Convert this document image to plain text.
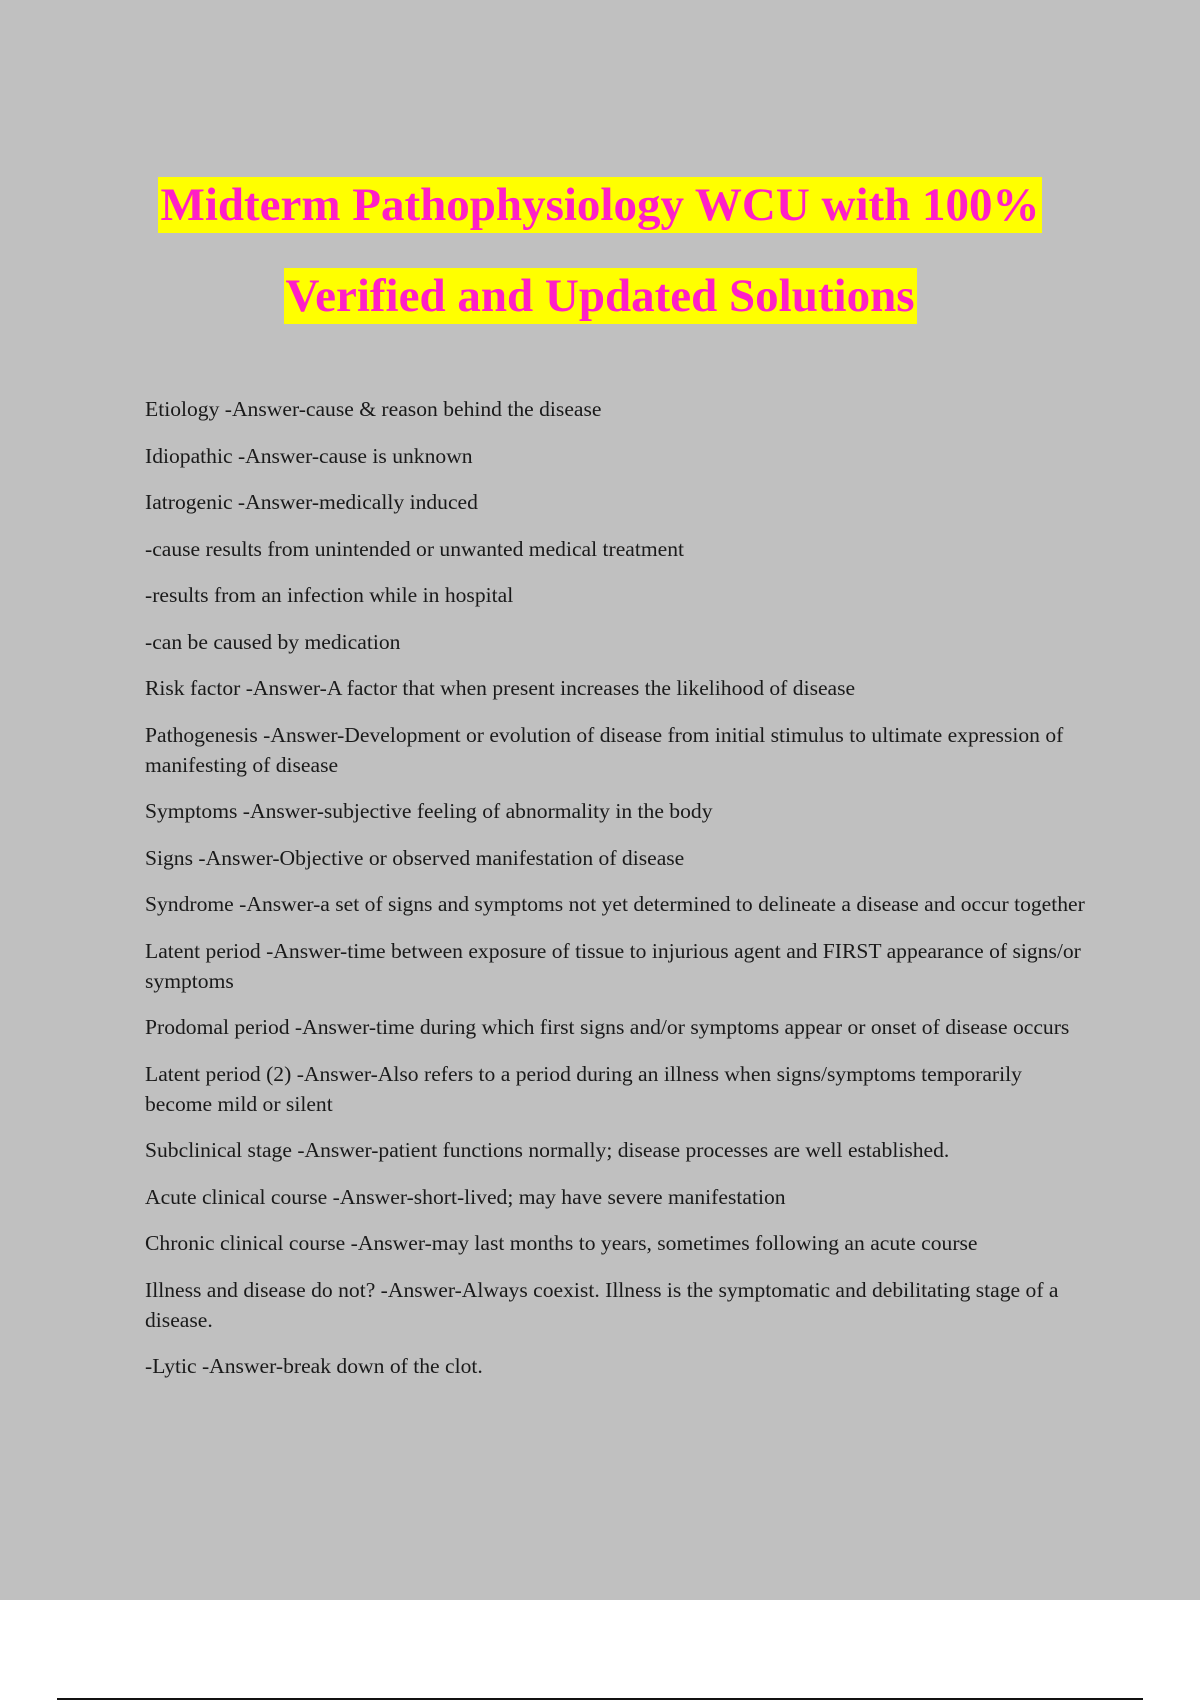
Midterm Pathophysiology WCU with 100%
Verified and Updated Solutions

Etiology -Answer-cause & reason behind the disease

Idiopathic -Answer-cause is unknown

Iatrogenic -Answer-medically induced

-cause results from unintended or unwanted medical treatment

-results from an infection while in hospital

-can be caused by medication

Risk factor -Answer-A factor that when present increases the likelihood of disease

Pathogenesis -Answer-Development or evolution of disease from initial stimulus to ultimate expression of manifesting of disease

Symptoms -Answer-subjective feeling of abnormality in the body

Signs -Answer-Objective or observed manifestation of disease

Syndrome -Answer-a set of signs and symptoms not yet determined to delineate a disease and occur together

Latent period -Answer-time between exposure of tissue to injurious agent and FIRST appearance of signs/or symptoms

Prodomal period -Answer-time during which first signs and/or symptoms appear or onset of disease occurs

Latent period (2) -Answer-Also refers to a period during an illness when signs/symptoms temporarily become mild or silent

Subclinical stage -Answer-patient functions normally; disease processes are well established.

Acute clinical course -Answer-short-lived; may have severe manifestation

Chronic clinical course -Answer-may last months to years, sometimes following an acute course

Illness and disease do not? -Answer-Always coexist. Illness is the symptomatic and debilitating stage of a disease.

-Lytic -Answer-break down of the clot.
